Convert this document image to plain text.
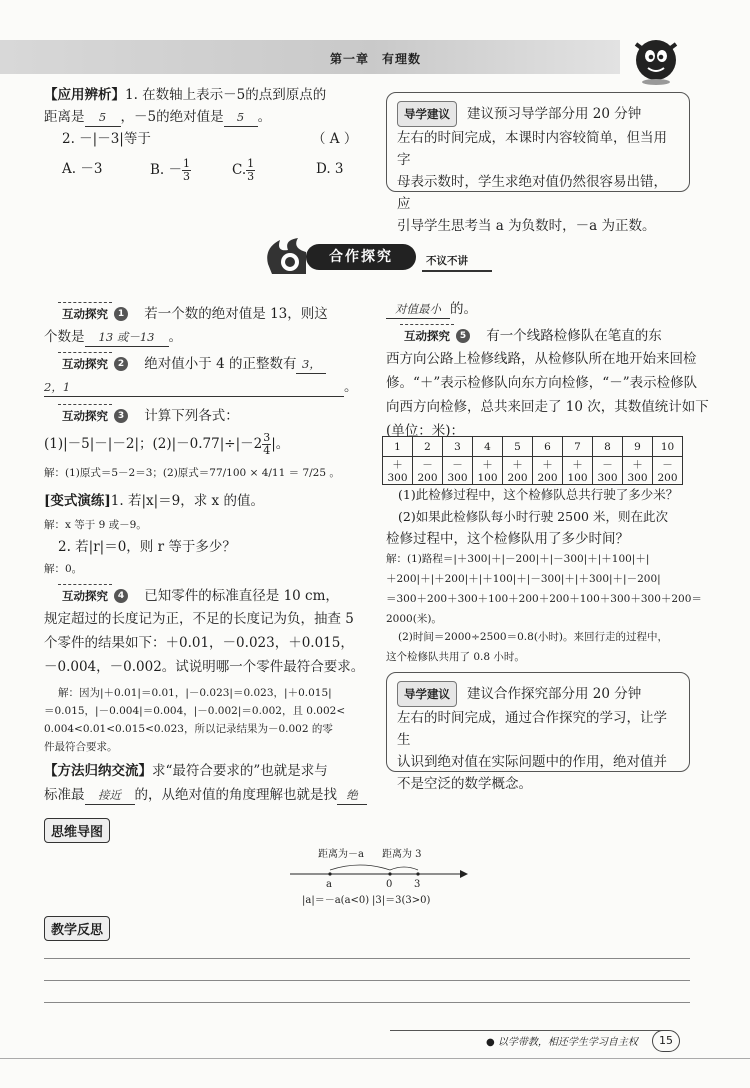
第一章　有理数
【应用辨析】1. 在数轴上表示－5的点到原点的
距离是 5 ，－5的绝对值是 5 。
2. －|－3|等于	（ A ）
A. －3	B. － $\frac{1}{3}$	C. $\frac{1}{3}$	D. 3
导学建议 建议预习导学部分用 20 分钟
左右的时间完成，本课时内容较简单，但当用字
母表示数时，学生求绝对值仍然很容易出错，应
引导学生思考当 a 为负数时，－a 为正数。
合作探究	不议不讲
互动探究	1 若一个数的绝对值是 13，则这
个数是 13 或－13 。
互动探究	2 绝对值小于 4 的正整数有 3，
2，1	。
互动探究	3 计算下列各式：
(1)|－5|－|－2|；$(2)|-0.77|\div|-2 \frac{3}{4}$ |。
解：(1)原式＝5－2＝3；(2)原式＝77/100 × 4/11 ＝ 7/25 。
[变式演练]1. 若|x|＝9，求 x 的值。
解：x 等于 9 或－9。
2. 若|r|＝0，则 r 等于多少？
解：0。
互动探究	4 已知零件的标准直径是 10 cm，
规定超过的长度记为正，不足的长度记为负，抽查 5
个零件的结果如下：＋0.01，－0.023，＋0.015，
－0.004，－0.002。试说明哪一个零件最符合要求。
解：因为|＋0.01|＝0.01，|－0.023|＝0.023，|＋0.015|
＝0.015，|－0.004|＝0.004，|－0.002|＝0.002，且 0.002<
0.004<0.01<0.015<0.023，所以记录结果为－0.002 的零
件最符合要求。
【方法归纳交流】求“最符合要求的”也就是求与
标准最 接近 的，从绝对值的角度理解也就是找 绝
对值最小 的。
互动探究	5 有一个线路检修队在笔直的东
西方向公路上检修线路，从检修队所在地开始来回检
修。“＋”表示检修队向东方向检修，“－”表示检修队
向西方向检修，总共来回走了 10 次，其数值统计如下
(单位：米)：
1	2	3	4	5	6	7	8	9	10
＋300	－200	－300	＋100	＋200	＋200	＋100	－300	＋300	－200
(1)此检修过程中，这个检修队总共行驶了多少米？
(2)如果此检修队每小时行驶 2500 米，则在此次
检修过程中，这个检修队用了多少时间？
解：(1)路程＝|＋300|＋|－200|＋|－300|＋|＋100|＋|
＋200|＋|＋200|＋|＋100|＋|－300|＋|＋300|＋|－200|
＝300＋200＋300＋100＋200＋200＋100＋300＋300＋200＝
2000(米)。
(2)时间＝2000÷2500＝0.8(小时)。来回行走的过程中，
这个检修队共用了 0.8 小时。
导学建议 建议合作探究部分用 20 分钟
左右的时间完成，通过合作探究的学习，让学生
认识到绝对值在实际问题中的作用，绝对值并
不是空泛的数学概念。
思维导图
距离为－a 距离为 3
a	0 3
|a|＝－a(a<0) |3|＝3(3>0)
教学反思
● 以学带教，相还学生学习自主权	15
